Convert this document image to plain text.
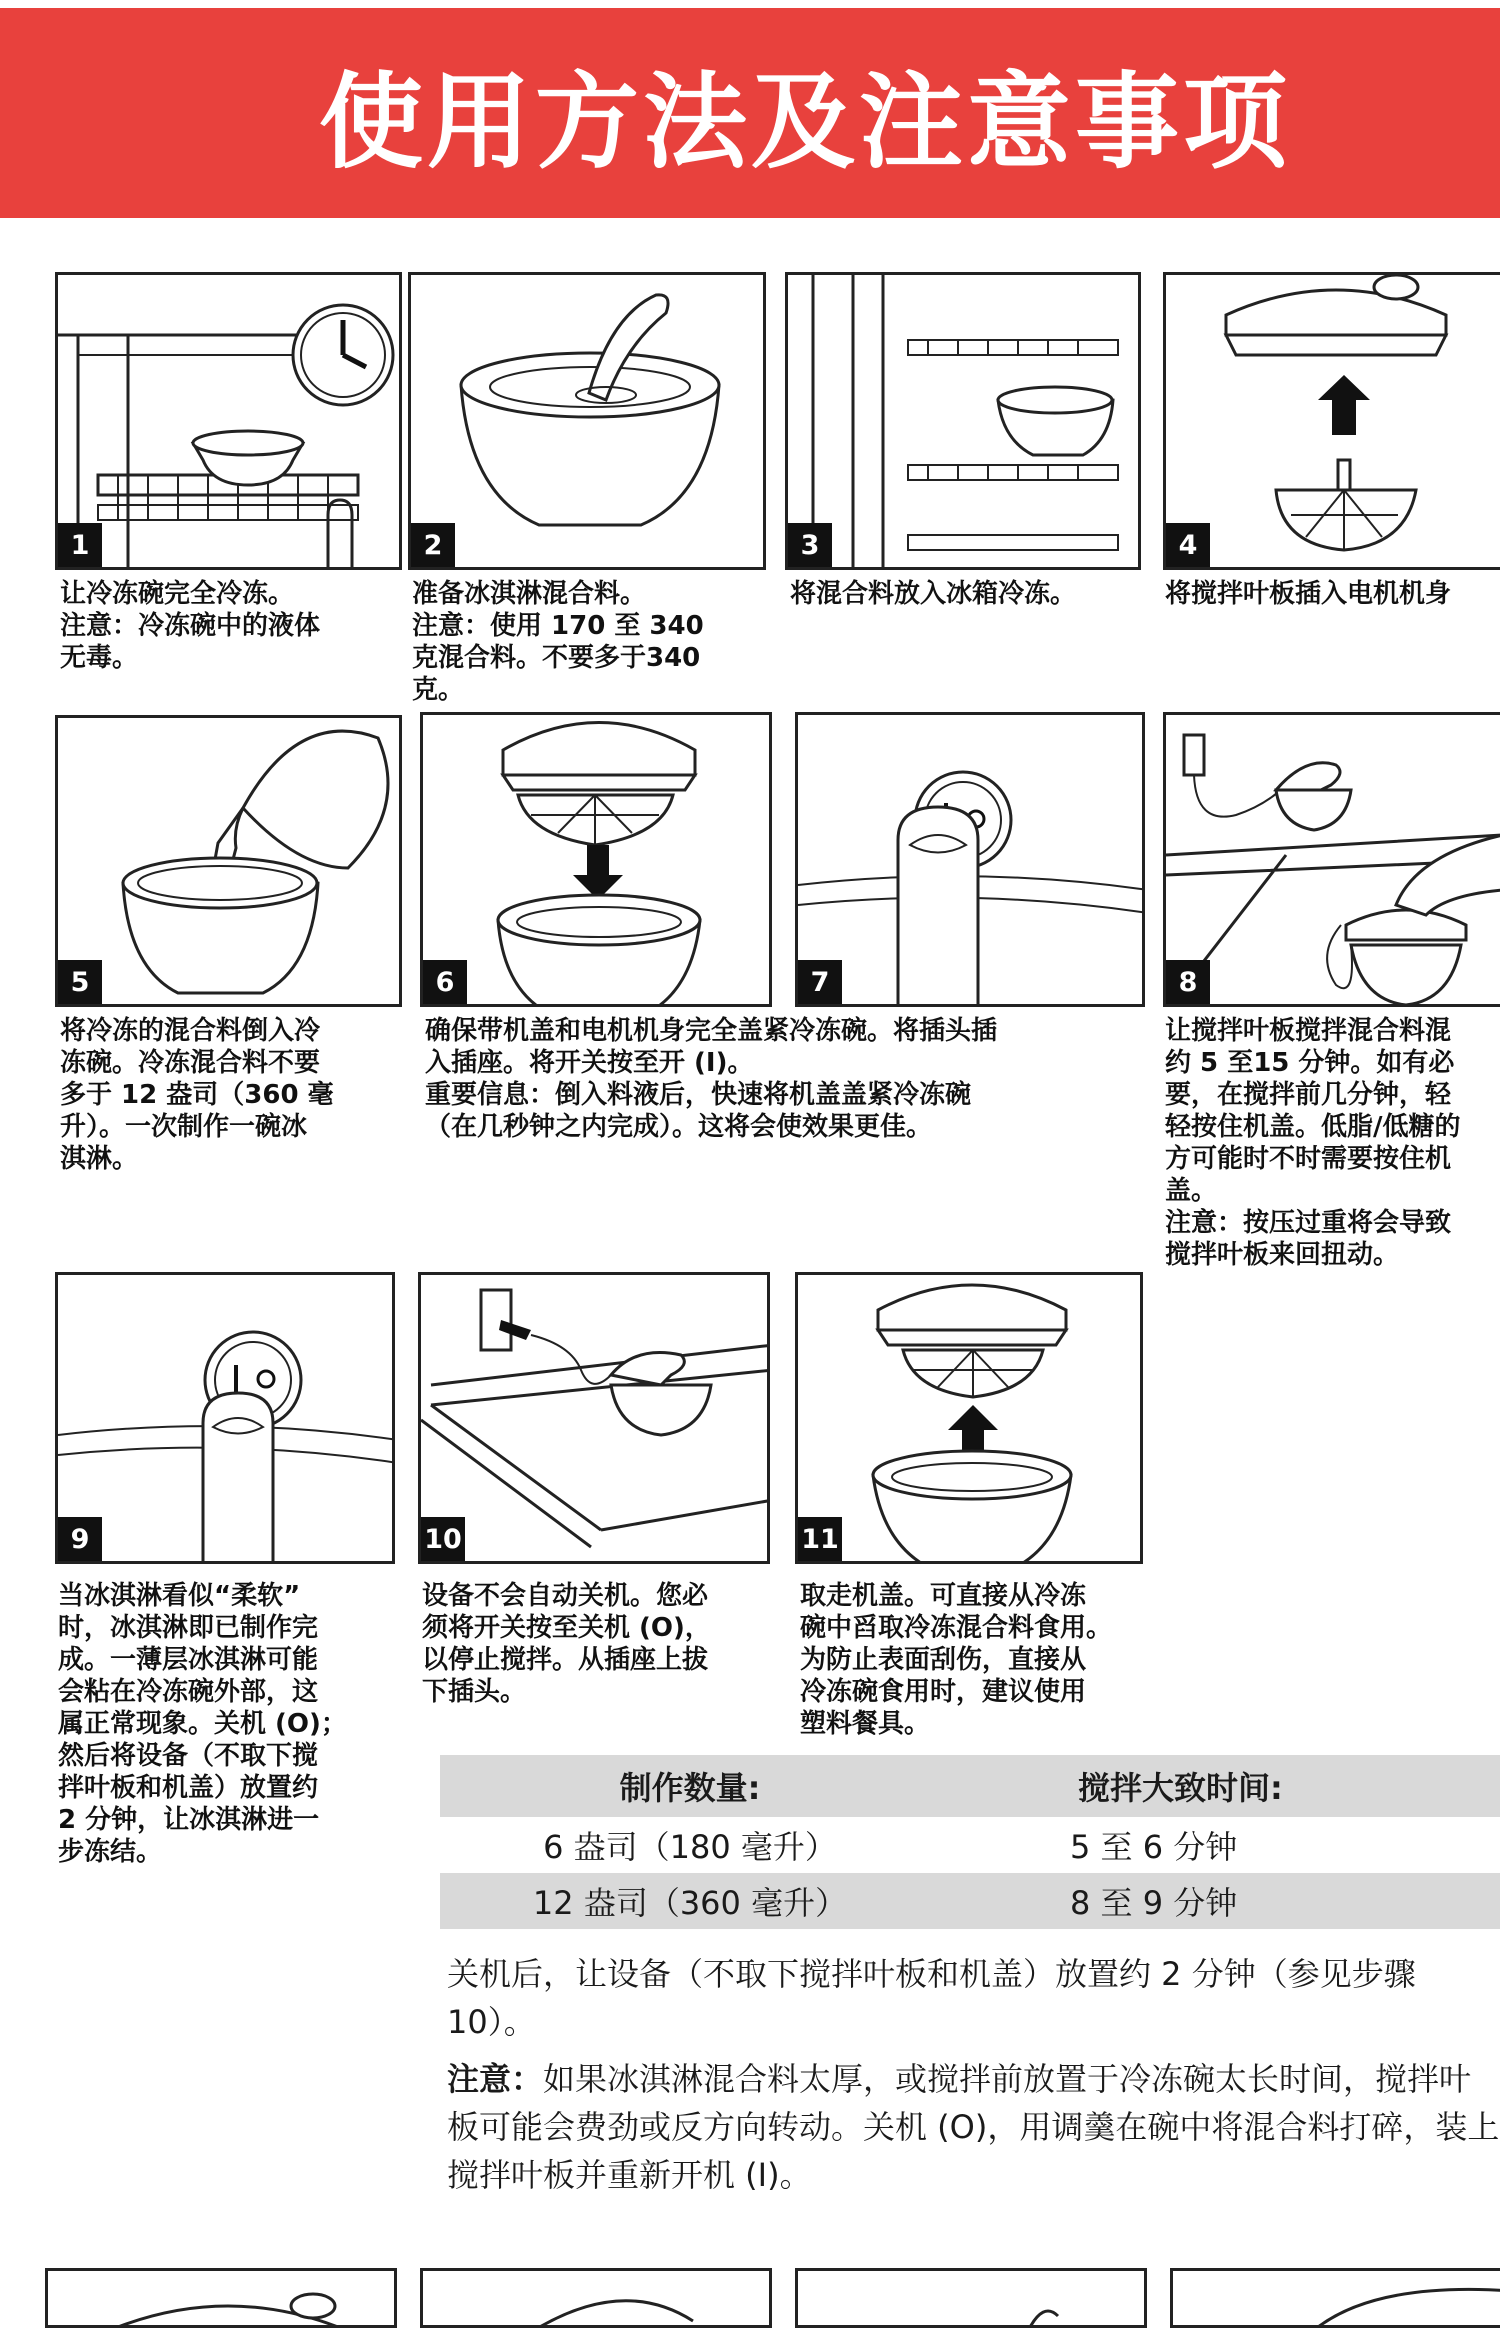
使用方法及注意事项
1

让冷冻碗完全冷冻。
注意：冷冻碗中的液体
无毒。

2

准备冰淇淋混合料。
注意：使用 170 至 340
克混合料。不要多于340
克。

3

将混合料放入冰箱冷冻。

4

将搅拌叶板插入电机机身

5

将冷冻的混合料倒入冷
冻碗。冷冻混合料不要
多于 12 盎司（360 毫
升）。一次制作一碗冰
淇淋。

6

确保带机盖和电机机身完全盖紧冷冻碗。将插头插
入插座。将开关按至开 (I)。
重要信息：倒入料液后，快速将机盖盖紧冷冻碗
（在几秒钟之内完成）。这将会使效果更佳。

7	8

让搅拌叶板搅拌混合料混
约 5 至15 分钟。如有必
要，在搅拌前几分钟，轻
轻按住机盖。低脂/低糖的
方可能时不时需要按住机
盖。
注意：按压过重将会导致
搅拌叶板来回扭动。

9

当冰淇淋看似“柔软”
时，冰淇淋即已制作完
成。一薄层冰淇淋可能
会粘在冷冻碗外部，这
属正常现象。关机 (O)；
然后将设备（不取下搅
拌叶板和机盖）放置约
2 分钟，让冰淇淋进一
步冻结。

10

设备不会自动关机。您必
须将开关按至关机 (O)，
以停止搅拌。从插座上拔
下插头。

11

取走机盖。可直接从冷冻
碗中舀取冷冻混合料食用。
为防止表面刮伤，直接从
冷冻碗食用时，建议使用
塑料餐具。

制作数量:	搅拌大致时间:
6 盎司（180 毫升）	5 至 6 分钟
12 盎司（360 毫升）	8 至 9 分钟

关机后，让设备（不取下搅拌叶板和机盖）放置约 2 分钟（参见步骤 10）。

注意：如果冰淇淋混合料太厚，或搅拌前放置于冷冻碗太长时间，搅拌叶板可能会费劲或反方向转动。关机 (O)，用调羹在碗中将混合料打碎，装上搅拌叶板并重新开机 (I)。
